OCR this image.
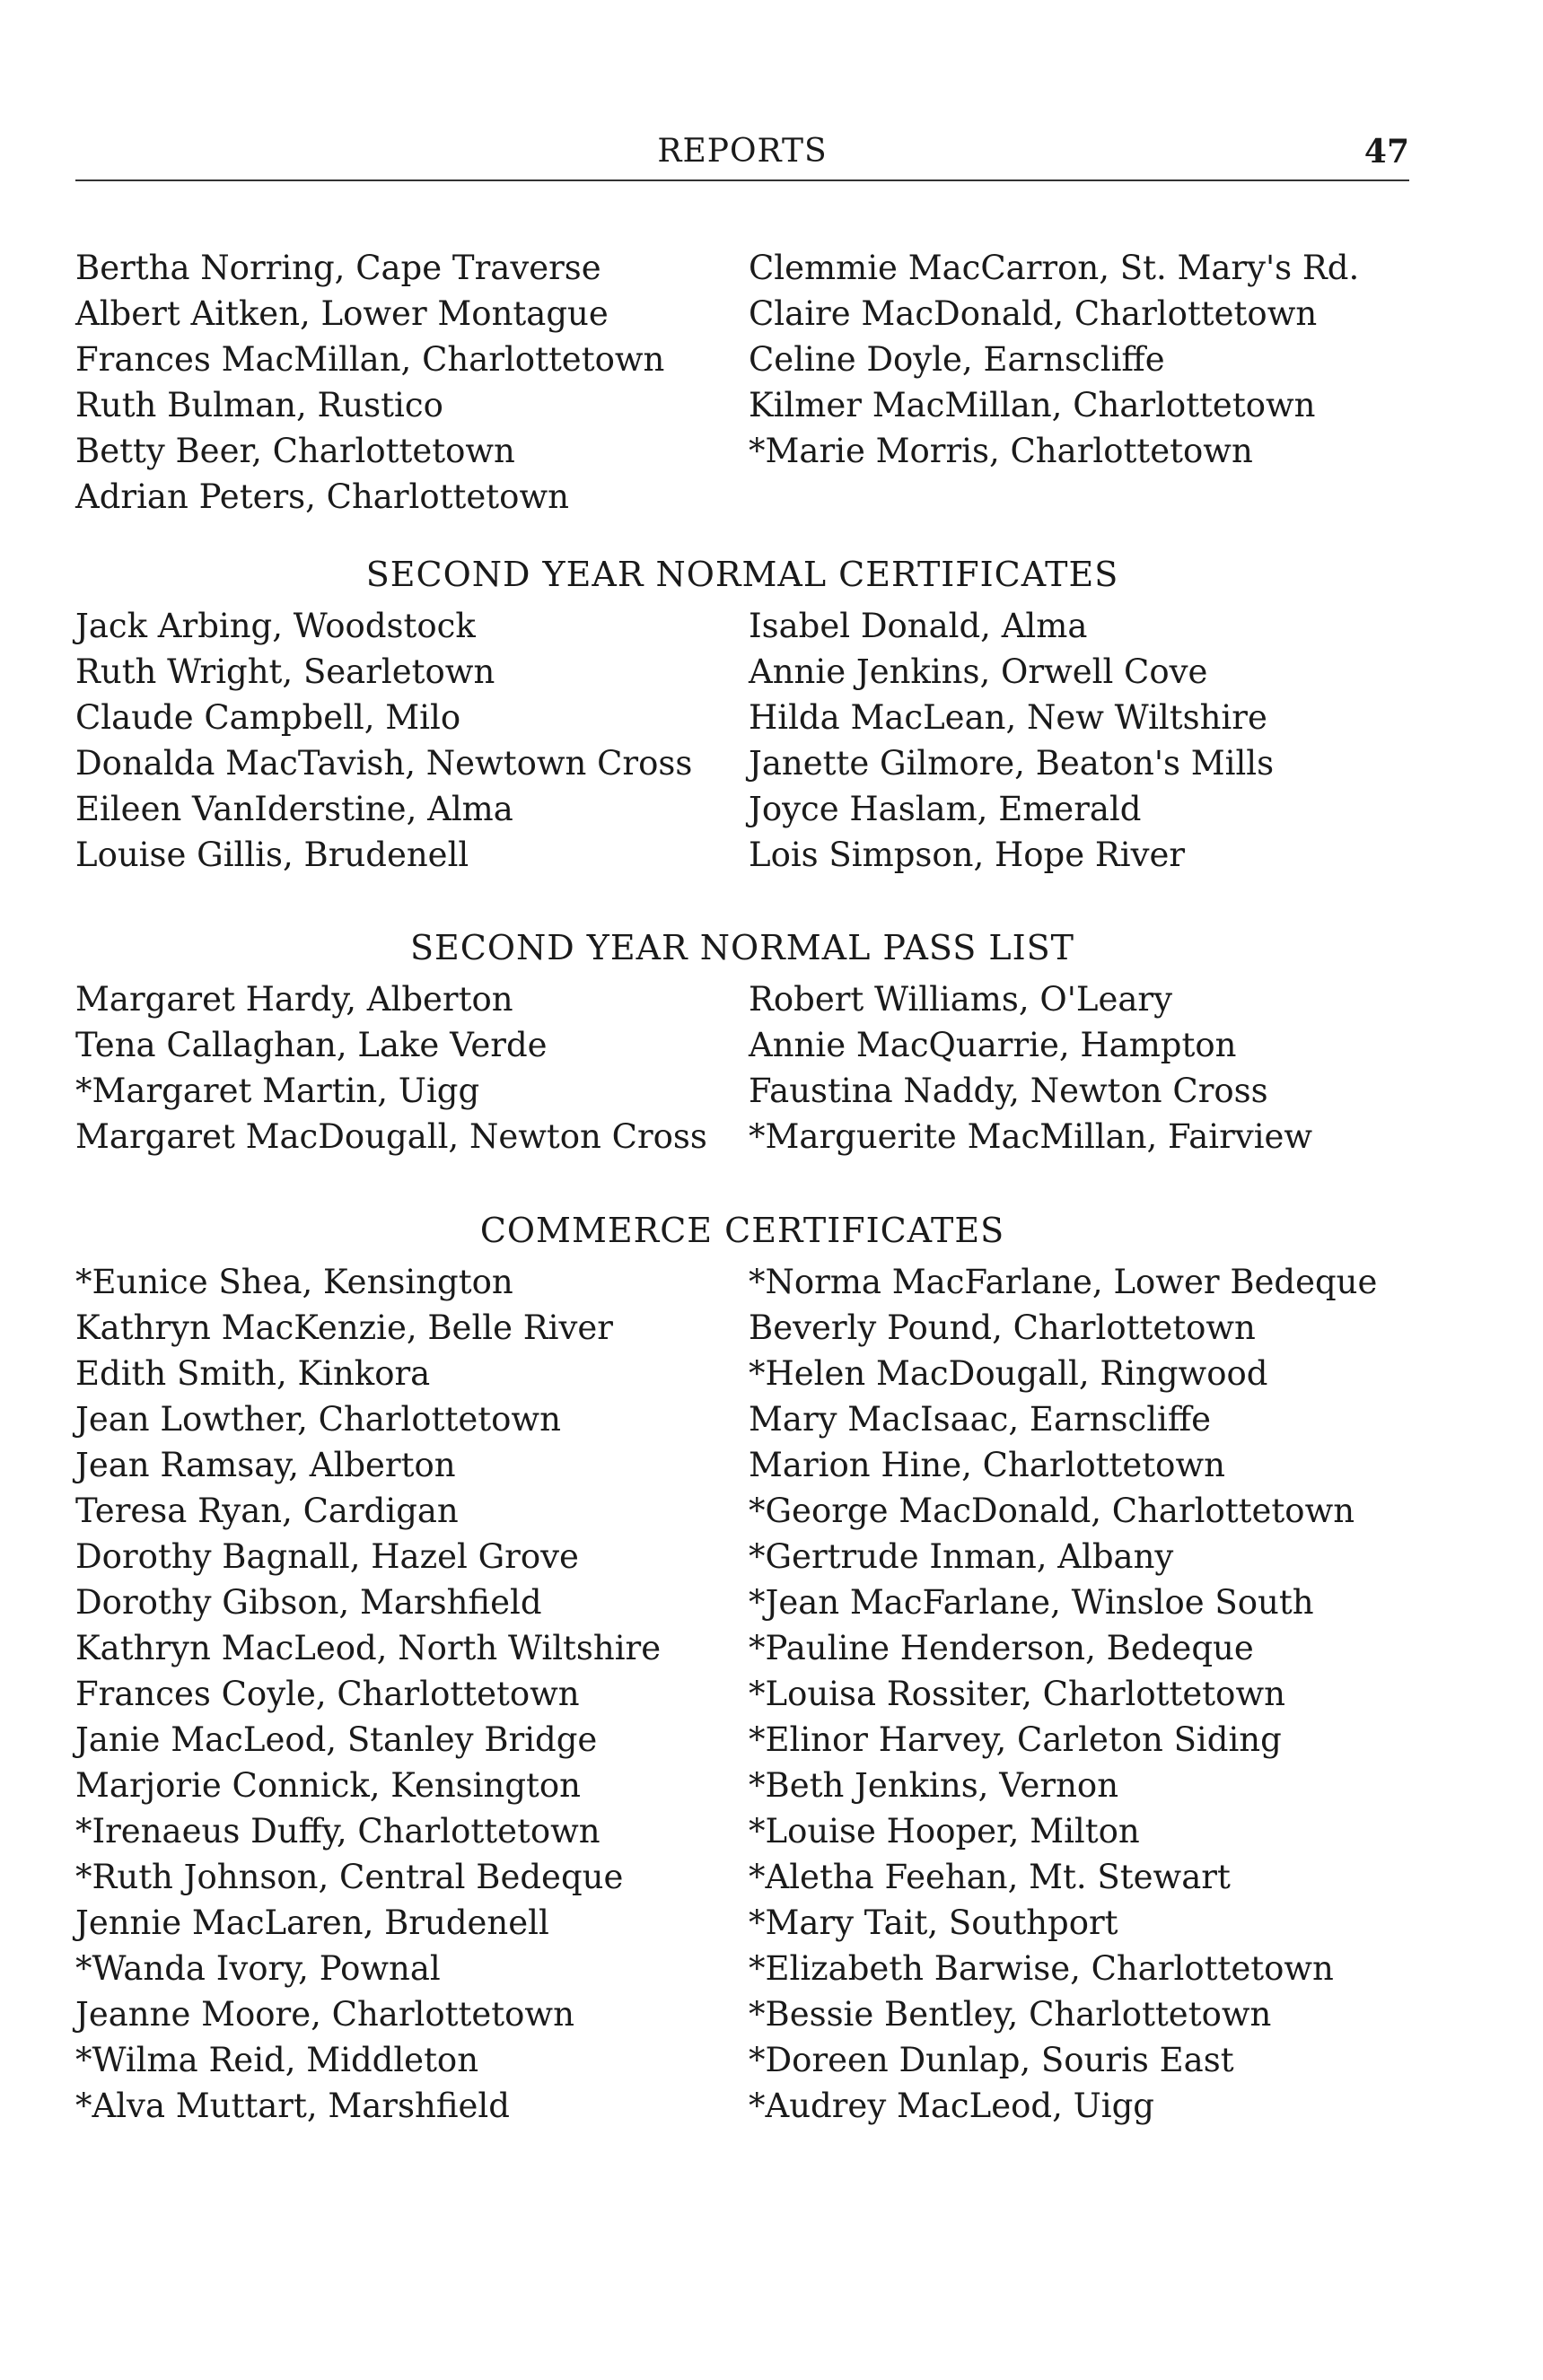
REPORTS	47
Bertha Norring, Cape Traverse
Albert Aitken, Lower Montague
Frances MacMillan, Charlottetown
Ruth Bulman, Rustico
Betty Beer, Charlottetown
Adrian Peters, Charlottetown
Clemmie MacCarron, St. Mary's Rd.
Claire MacDonald, Charlottetown
Celine Doyle, Earnscliffe
Kilmer MacMillan, Charlottetown
*Marie Morris, Charlottetown
SECOND YEAR NORMAL CERTIFICATES
Jack Arbing, Woodstock
Ruth Wright, Searletown
Claude Campbell, Milo
Donalda MacTavish, Newtown Cross
Eileen VanIderstine, Alma
Louise Gillis, Brudenell
Isabel Donald, Alma
Annie Jenkins, Orwell Cove
Hilda MacLean, New Wiltshire
Janette Gilmore, Beaton's Mills
Joyce Haslam, Emerald
Lois Simpson, Hope River
SECOND YEAR NORMAL PASS LIST
Margaret Hardy, Alberton
Tena Callaghan, Lake Verde
*Margaret Martin, Uigg
Margaret MacDougall, Newton Cross
Robert Williams, O'Leary
Annie MacQuarrie, Hampton
Faustina Naddy, Newton Cross
*Marguerite MacMillan, Fairview
COMMERCE CERTIFICATES
*Eunice Shea, Kensington
Kathryn MacKenzie, Belle River
Edith Smith, Kinkora
Jean Lowther, Charlottetown
Jean Ramsay, Alberton
Teresa Ryan, Cardigan
Dorothy Bagnall, Hazel Grove
Dorothy Gibson, Marshfield
Kathryn MacLeod, North Wiltshire
Frances Coyle, Charlottetown
Janie MacLeod, Stanley Bridge
Marjorie Connick, Kensington
*Irenaeus Duffy, Charlottetown
*Ruth Johnson, Central Bedeque
Jennie MacLaren, Brudenell
*Wanda Ivory, Pownal
Jeanne Moore, Charlottetown
*Wilma Reid, Middleton
*Alva Muttart, Marshfield
*Norma MacFarlane, Lower Bedeque
Beverly Pound, Charlottetown
*Helen MacDougall, Ringwood
Mary MacIsaac, Earnscliffe
Marion Hine, Charlottetown
*George MacDonald, Charlottetown
*Gertrude Inman, Albany
*Jean MacFarlane, Winsloe South
*Pauline Henderson, Bedeque
*Louisa Rossiter, Charlottetown
*Elinor Harvey, Carleton Siding
*Beth Jenkins, Vernon
*Louise Hooper, Milton
*Aletha Feehan, Mt. Stewart
*Mary Tait, Southport
*Elizabeth Barwise, Charlottetown
*Bessie Bentley, Charlottetown
*Doreen Dunlap, Souris East
*Audrey MacLeod, Uigg
